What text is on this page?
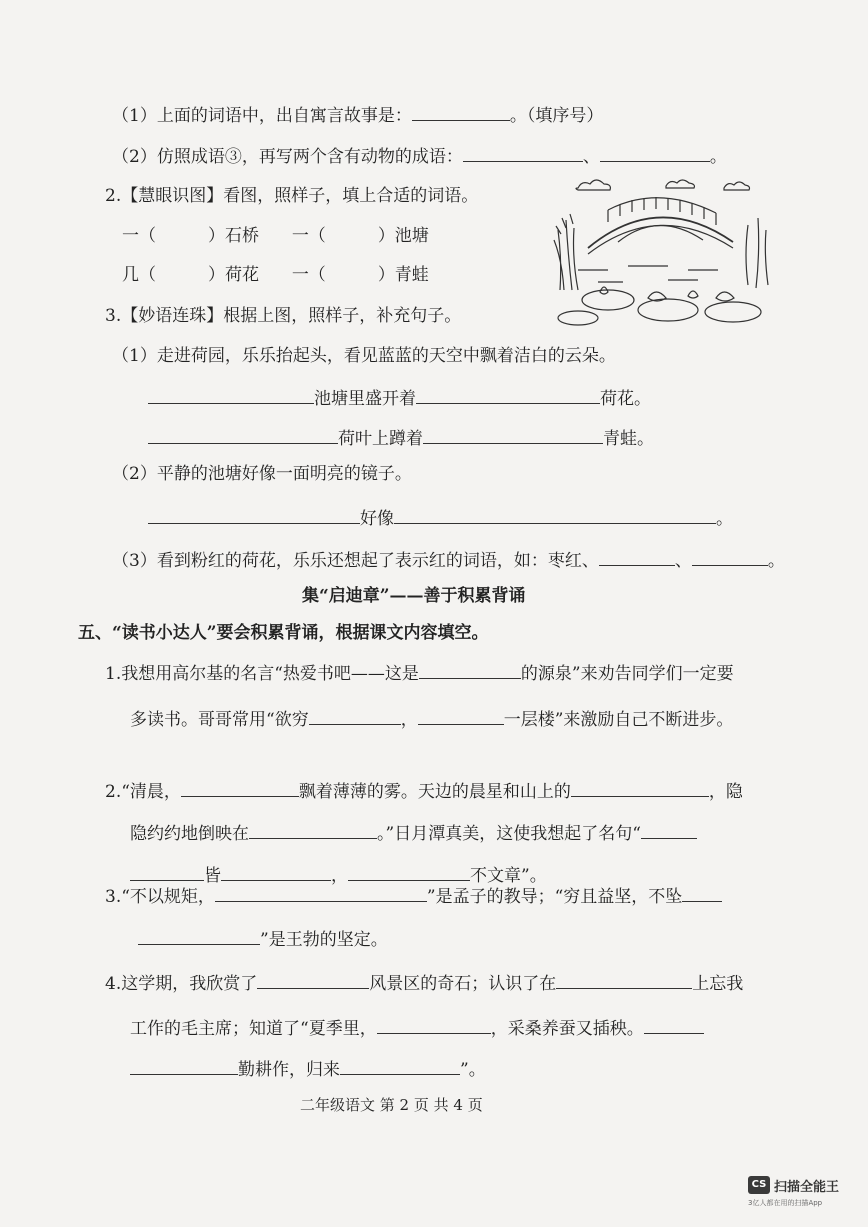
（1）上面的词语中，出自寓言故事是：	。（填序号）
（2）仿照成语③，再写两个含有动物的成语：	、	。
2.【慧眼识图】看图，照样子，填上合适的词语。
一（	）石桥 一（	）池塘
几（	）荷花 一（	）青蛙
3.【妙语连珠】根据上图，照样子，补充句子。
（1）走进荷园，乐乐抬起头，看见蓝蓝的天空中飘着洁白的云朵。
池塘里盛开着	荷花。
荷叶上蹲着	青蛙。
（2）平静的池塘好像一面明亮的镜子。
好像	。
（3）看到粉红的荷花，乐乐还想起了表示红的词语，如：枣红、	、	。
集“启迪章”——善于积累背诵
五、“读书小达人”要会积累背诵，根据课文内容填空。
1.我想用高尔基的名言“热爱书吧——这是	的源泉”来劝告同学们一定要
多读书。哥哥常用“欲穷	，	一层楼”来激励自己不断进步。
2.“清晨，	飘着薄薄的雾。天边的晨星和山上的	，隐
隐约约地倒映在	。”日月潭真美，这使我想起了名句“
皆	，	不文章”。
3.“不以规矩，	”是孟子的教导；“穷且益坚，不坠
”是王勃的坚定。
4.这学期，我欣赏了	风景区的奇石；认识了在	上忘我
工作的毛主席；知道了“夏季里，	，采桑养蚕又插秧。
勤耕作，归来	”。
二年级语文 第 2 页 共 4 页
CS 扫描全能王
3亿人都在用的扫描App
